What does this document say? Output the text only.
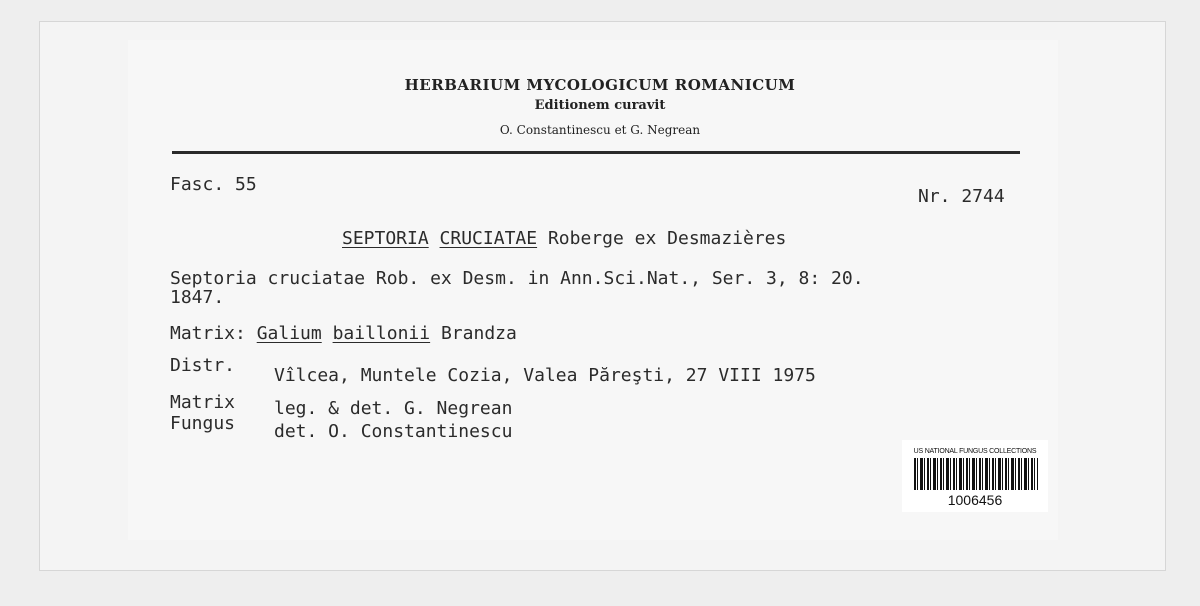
HERBARIUM MYCOLOGICUM ROMANICUM
Editionem curavit
O. Constantinescu et G. Negrean
Fasc. 55
Nr. 2744
SEPTORIA CRUCIATAE Roberge ex Desmazières
Septoria cruciatae Rob. ex Desm. in Ann.Sci.Nat., Ser. 3, 8: 20.
1847.
Matrix: Galium baillonii Brandza
Distr. Vîlcea, Muntele Cozia, Valea Păreşti, 27 VIII 1975
Matrix leg. & det. G. Negrean
Fungus det. O. Constantinescu
US NATIONAL FUNGUS COLLECTIONS
1006456
